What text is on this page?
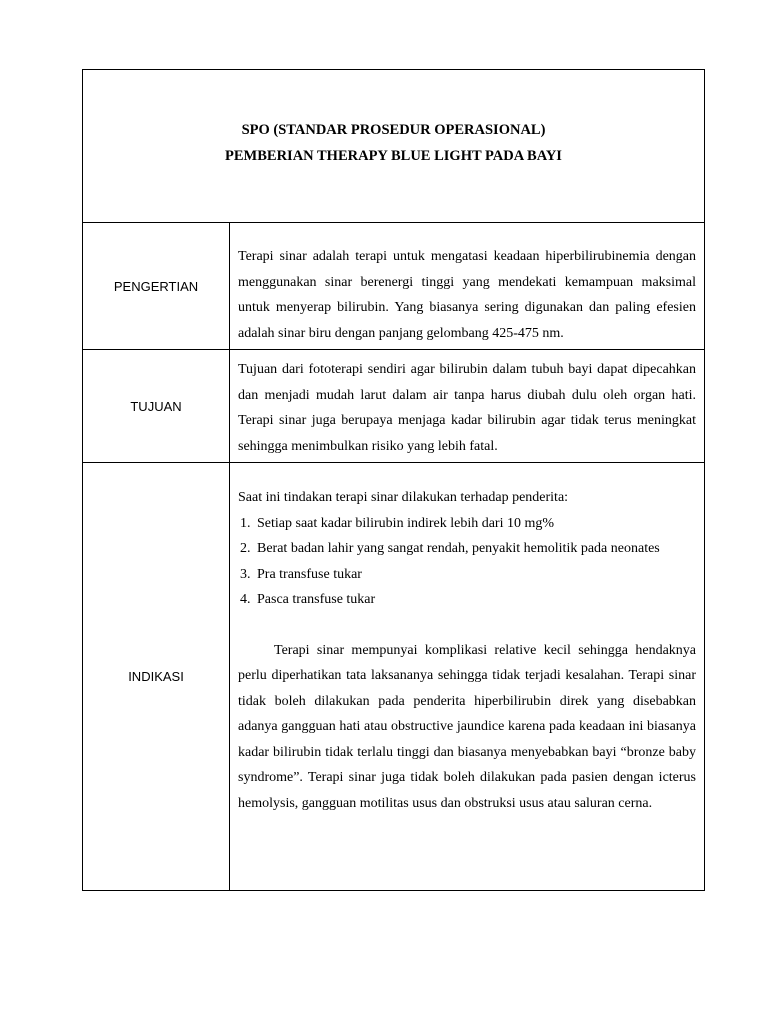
SPO (STANDAR PROSEDUR OPERASIONAL)
PEMBERIAN THERAPY BLUE LIGHT PADA BAYI
PENGERTIAN

Terapi sinar adalah terapi untuk mengatasi keadaan hiperbilirubinemia dengan menggunakan sinar berenergi tinggi yang mendekati kemampuan maksimal untuk menyerap bilirubin. Yang biasanya sering digunakan dan paling efesien adalah sinar biru dengan panjang gelombang 425-475 nm.

TUJUAN

Tujuan dari fototerapi sendiri agar bilirubin dalam tubuh bayi dapat dipecahkan dan menjadi mudah larut dalam air tanpa harus diubah dulu oleh organ hati. Terapi sinar juga berupaya menjaga kadar bilirubin agar tidak terus meningkat sehingga menimbulkan risiko yang lebih fatal.

INDIKASI

Saat ini tindakan terapi sinar dilakukan terhadap penderita:

1. Setiap saat kadar bilirubin indirek lebih dari 10 mg%
2. Berat badan lahir yang sangat rendah, penyakit hemolitik pada neonates
3. Pra transfuse tukar
4. Pasca transfuse tukar

Terapi sinar mempunyai komplikasi relative kecil sehingga hendaknya perlu diperhatikan tata laksananya sehingga tidak terjadi kesalahan. Terapi sinar tidak boleh dilakukan pada penderita hiperbilirubin direk yang disebabkan adanya gangguan hati atau obstructive jaundice karena pada keadaan ini biasanya kadar bilirubin tidak terlalu tinggi dan biasanya menyebabkan bayi “bronze baby syndrome”. Terapi sinar juga tidak boleh dilakukan pada pasien dengan icterus hemolysis, gangguan motilitas usus dan obstruksi usus atau saluran cerna.
